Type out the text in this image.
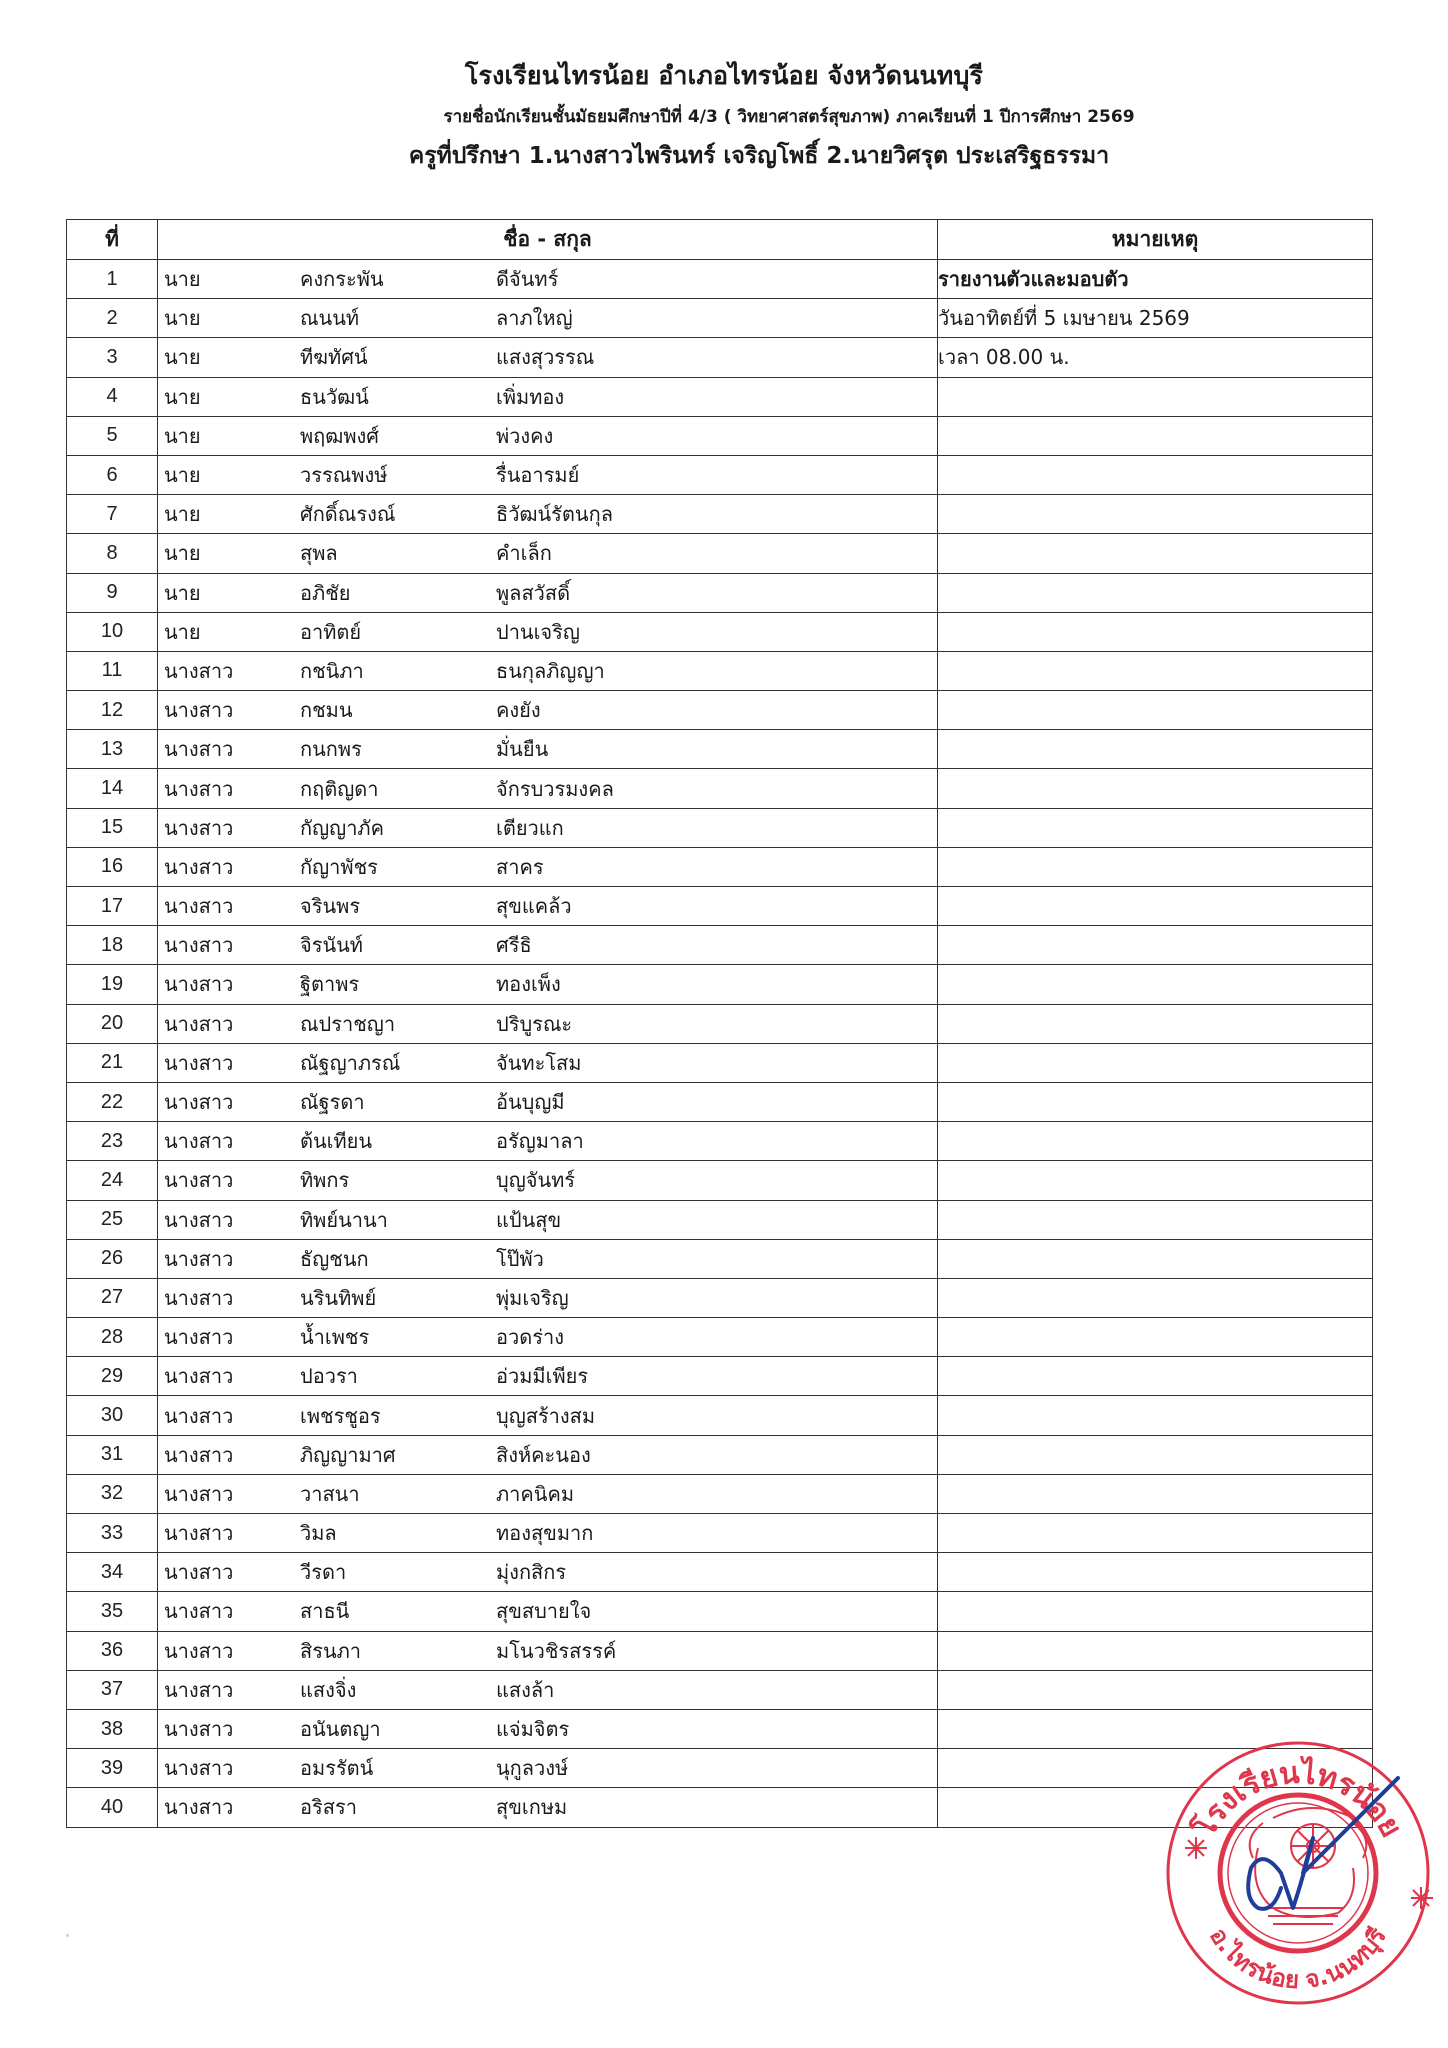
โรงเรียนไทรน้อย อำเภอไทรน้อย จังหวัดนนทบุรี
รายชื่อนักเรียนชั้นมัธยมศึกษาปีที่ 4/3 ( วิทยาศาสตร์สุขภาพ) ภาคเรียนที่ 1 ปีการศึกษา 2569
ครูที่ปรึกษา 1.นางสาวไพรินทร์ เจริญโพธิ์ 2.นายวิศรุต ประเสริฐธรรมา
ที่	ชื่อ - สกุล	หมายเหตุ
1	นาย คงกระพัน ดีจันทร์	รายงานตัวและมอบตัว
2	นาย ณนนท์ ลาภใหญ่	วันอาทิตย์ที่ 5 เมษายน 2569
3	นาย ทีฆทัศน์ แสงสุวรรณ	เวลา 08.00 น.
4	นาย ธนวัฒน์ เพิ่มทอง	

5	นาย พฤฒพงศ์ พ่วงคง	

6	นาย วรรณพงษ์ รื่นอารมย์	

7	นาย ศักดิ์ณรงณ์ ธิวัฒน์รัตนกุล	

8	นาย สุพล คำเล็ก	

9	นาย อภิชัย พูลสวัสดิ์	

10	นาย อาทิตย์ ปานเจริญ	

11	นางสาว กชนิภา ธนกุลภิญญา	

12	นางสาว กชมน คงยัง	

13	นางสาว กนกพร มั่นยืน	

14	นางสาว กฤติญดา จักรบวรมงคล	

15	นางสาว กัญญาภัค เตียวแก	

16	นางสาว กัญาพัชร สาคร	

17	นางสาว จรินพร สุขแคล้ว	

18	นางสาว จิรนันท์ ศรีธิ	

19	นางสาว ฐิตาพร ทองเพ็ง	

20	นางสาว ณปราชญา ปริบูรณะ	

21	นางสาว ณัฐญาภรณ์ จันทะโสม	

22	นางสาว ณัฐรดา อ้นบุญมี	

23	นางสาว ต้นเทียน อรัญมาลา	

24	นางสาว ทิพกร บุญจันทร์	

25	นางสาว ทิพย์นานา แป้นสุข	

26	นางสาว ธัญชนก โป๊พัว	

27	นางสาว นรินทิพย์ พุ่มเจริญ	

28	นางสาว น้ำเพชร อวดร่าง	

29	นางสาว ปอวรา อ่วมมีเพียร	

30	นางสาว เพชรชูอร บุญสร้างสม	

31	นางสาว ภิญญามาศ สิงห์คะนอง	

32	นางสาว วาสนา ภาคนิคม	

33	นางสาว วิมล ทองสุขมาก	

34	นางสาว วีรดา มุ่งกสิกร	

35	นางสาว สาธนี สุขสบายใจ	

36	นางสาว สิรนภา มโนวชิรสรรค์	

37	นางสาว แสงจิ่ง แสงล้า	

38	นางสาว อนันตญา แจ่มจิตร	

39	นางสาว อมรรัตน์ นุกูลวงษ์	

40	นางสาว อริสรา สุขเกษม	

โรงเรียนไทรน้อย
อ.ไทรน้อย จ.นนทบุรี
